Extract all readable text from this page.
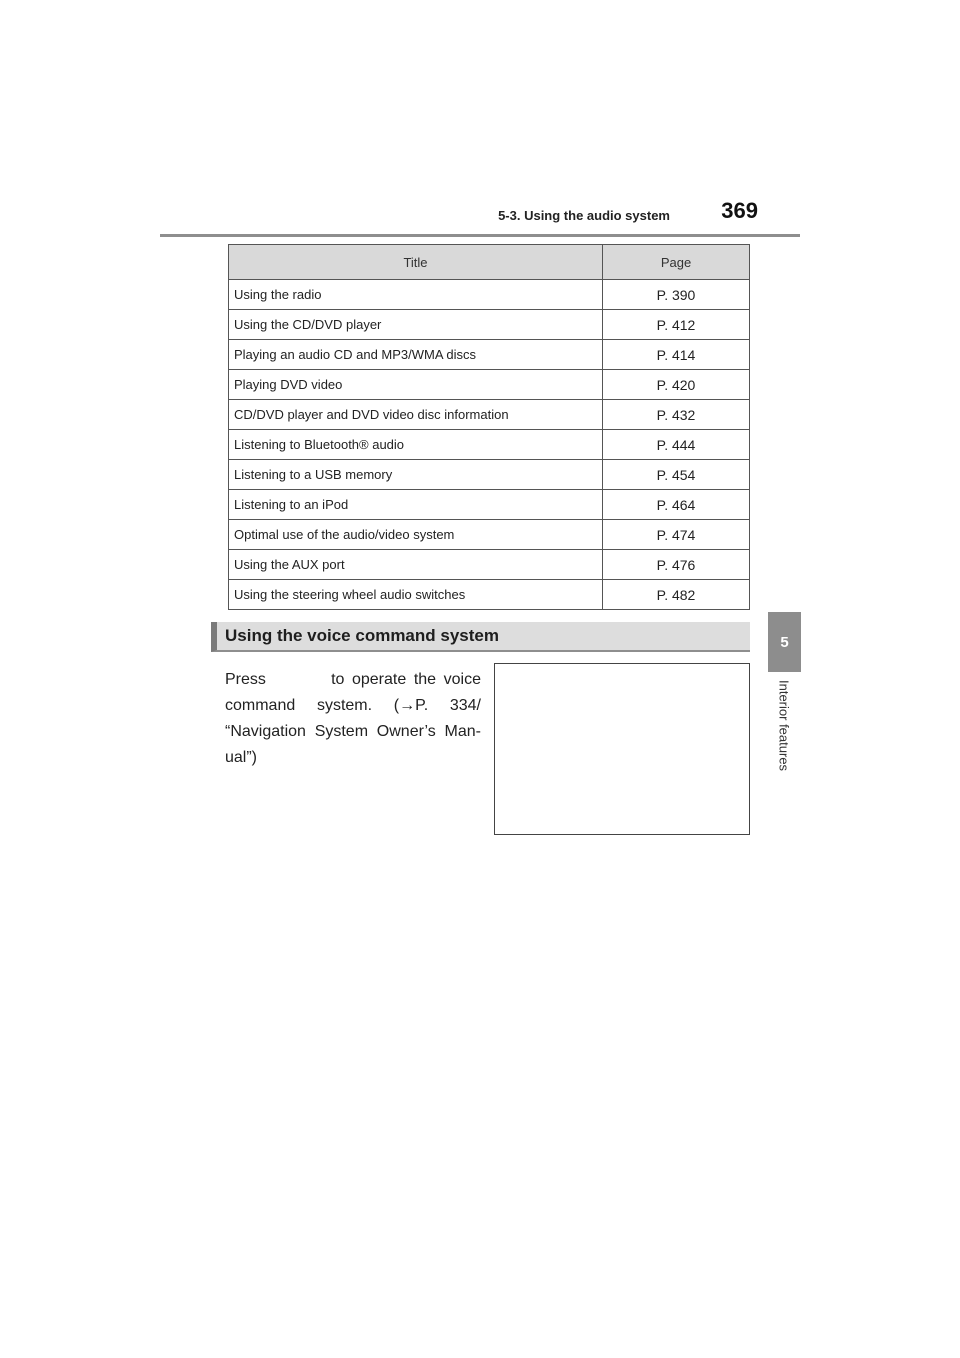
5-3. Using the audio system 369
5
Interior features
Title	Page
Using the radio	P. 390
Using the CD/DVD player	P. 412
Playing an audio CD and MP3/WMA discs	P. 414
Playing DVD video	P. 420
CD/DVD player and DVD video disc information	P. 432
Listening to Bluetooth® audio	P. 444
Listening to a USB memory	P. 454
Listening to an iPod	P. 464
Optimal use of the audio/video system	P. 474
Using the AUX port	P. 476
Using the steering wheel audio switches	P. 482
Using the voice command system
Press	to operate the voice command system. (→P. 334/ “Navigation System Owner’s Man-ual”)
